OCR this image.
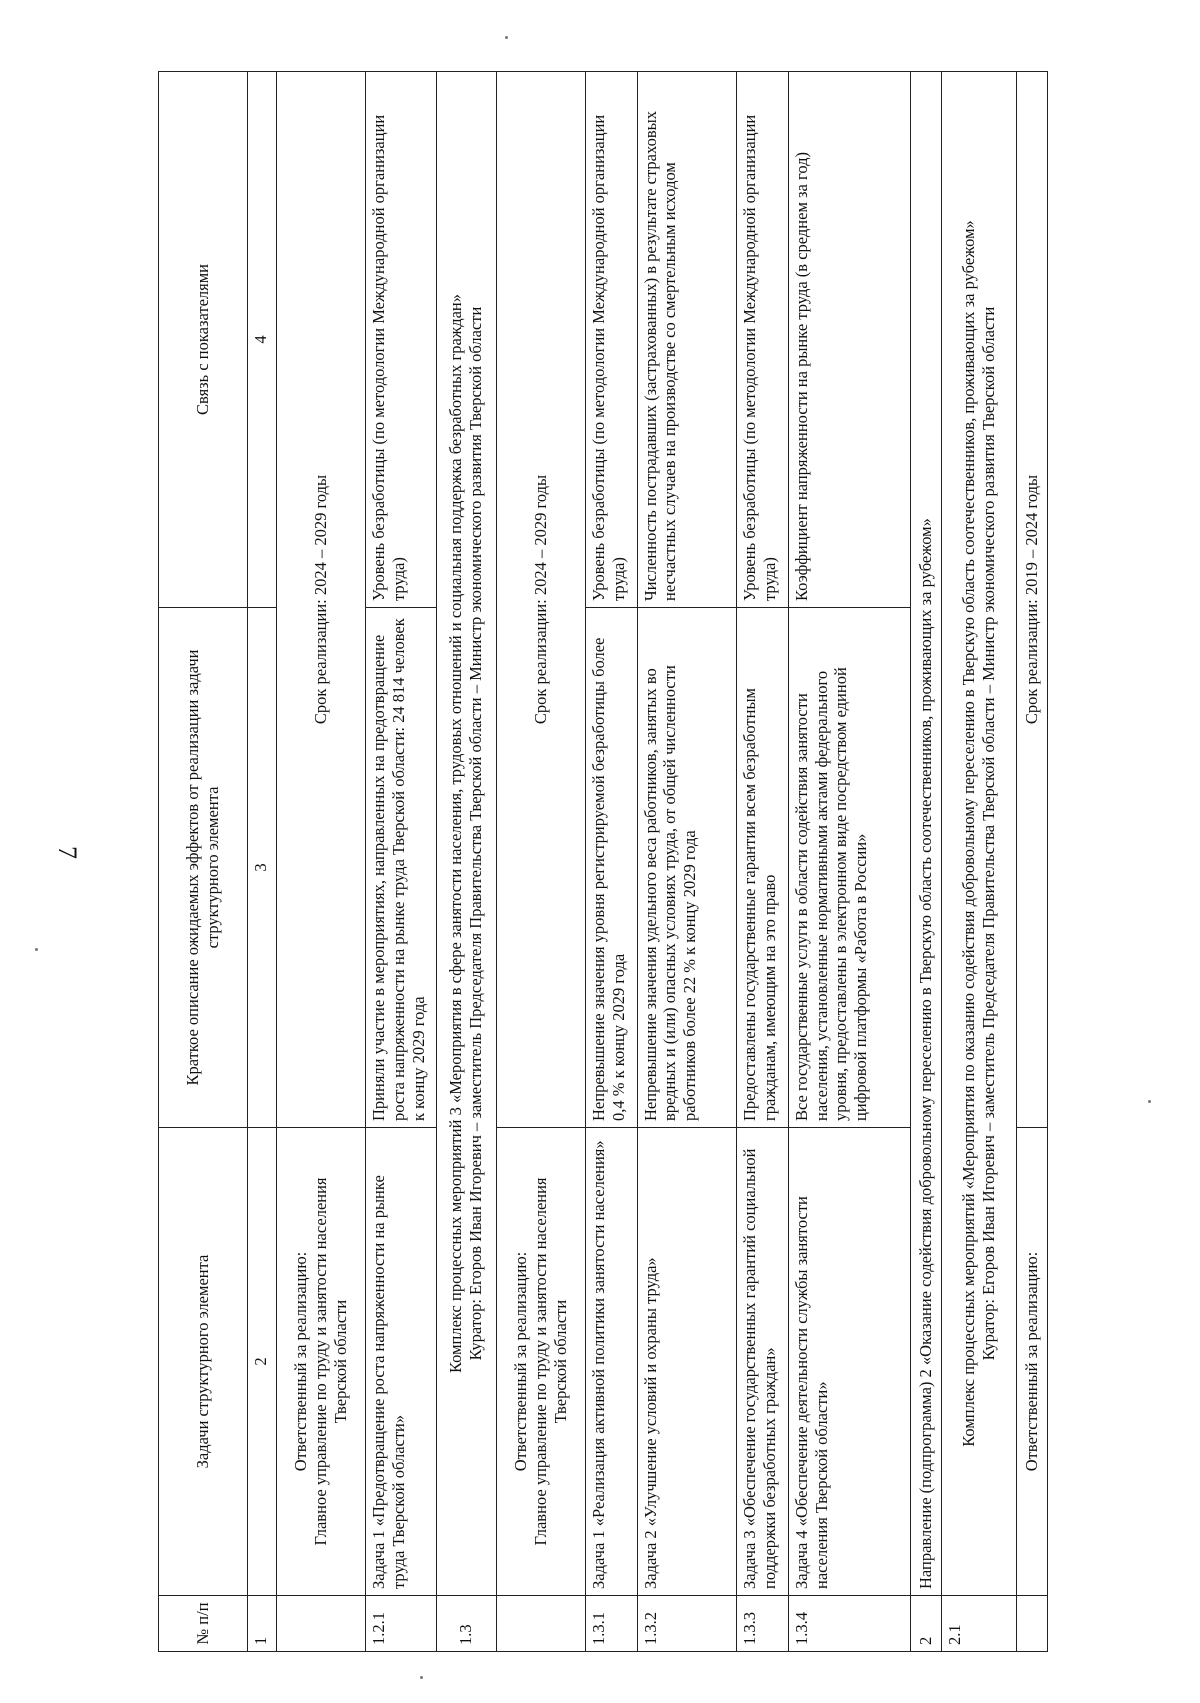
7
№ п/п	Задачи структурного элемента	Краткое описание ожидаемых эффектов от реализации задачи структурного элемента	Связь с показателями
1	2	3	4

	Ответственный за реализацию: Главное управление по труду и занятости населения Тверской области	Срок реализации: 2024 – 2029 годы	
1.2.1	Задача 1 «Предотвращение роста напряженности на рынке труда Тверской области»	Приняли участие в мероприятиях, направленных на предотвращение роста напряженности на рынке труда Тверской области: 24 814 человек к концу 2029 года	Уровень безработицы (по методологии Международной организации труда)
1.3	Комплекс процессных мероприятий 3 «Мероприятия в сфере занятости населения, трудовых отношений и социальная поддержка безработных граждан» Куратор: Егоров Иван Игоревич – заместитель Председателя Правительства Тверской области – Министр экономического развития Тверской области		

	Ответственный за реализацию: Главное управление по труду и занятости населения Тверской области	Срок реализации: 2024 – 2029 годы	
1.3.1	Задача 1 «Реализация активной политики занятости населения»	Непревышение значения уровня регистрируемой безработицы более 0,4 % к концу 2029 года	Уровень безработицы (по методологии Международной организации труда)
1.3.2	Задача 2 «Улучшение условий и охраны труда»	Непревышение значения удельного веса работников, занятых во вредных и (или) опасных условиях труда, от общей численности работников более 22 % к концу 2029 года	Численность пострадавших (застрахованных) в результате страховых несчастных случаев на производстве со смертельным исходом
1.3.3	Задача 3 «Обеспечение государственных гарантий социальной поддержки безработных граждан»	Предоставлены государственные гарантии всем безработным гражданам, имеющим на это право	Уровень безработицы (по методологии Международной организации труда)
1.3.4	Задача 4 «Обеспечение деятельности службы занятости населения Тверской области»	Все государственные услуги в области содействия занятости населения, установленные нормативными актами федерального уровня, предоставлены в электронном виде посредством единой цифровой платформы «Работа в России»	Коэффициент напряженности на рынке труда (в среднем за год)
2	Направление (подпрограмма) 2 «Оказание содействия добровольному переселению в Тверскую область соотечественников, проживающих за рубежом»		
2.1	Комплекс процессных мероприятий «Мероприятия по оказанию содействия добровольному переселению в Тверскую область соотечественников, проживающих за рубежом» Куратор: Егоров Иван Игоревич – заместитель Председателя Правительства Тверской области – Министр экономического развития Тверской области		

	Ответственный за реализацию:	Срок реализации: 2019 – 2024 годы	
